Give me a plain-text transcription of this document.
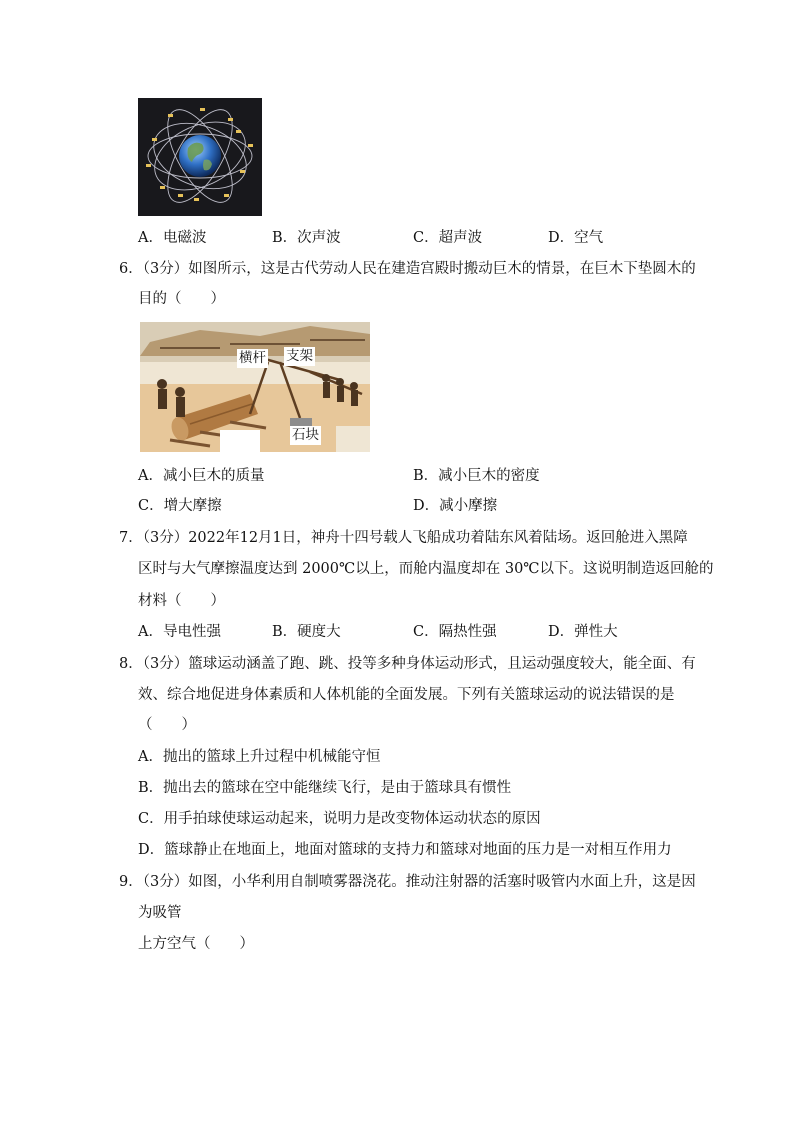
A．电磁波	B．次声波	C．超声波	D．空气
6．（3分）如图所示，这是古代劳动人民在建造宫殿时搬动巨木的情景，在巨木下垫圆木的
目的（　　）
横杆 支架
石块
A．减小巨木的质量	B．减小巨木的密度
C．增大摩擦	D．减小摩擦
7．（3分）2022年12月1日，神舟十四号载人飞船成功着陆东风着陆场。返回舱进入黑障
区时与大气摩擦温度达到 2000℃以上，而舱内温度却在 30℃以下。这说明制造返回舱的
材料（　　）
A．导电性强	B．硬度大	C．隔热性强	D．弹性大
8．（3分）篮球运动涵盖了跑、跳、投等多种身体运动形式，且运动强度较大，能全面、有
效、综合地促进身体素质和人体机能的全面发展。下列有关篮球运动的说法错误的是
（　　）
A．抛出的篮球上升过程中机械能守恒
B．抛出去的篮球在空中能继续飞行，是由于篮球具有惯性
C．用手拍球使球运动起来，说明力是改变物体运动状态的原因
D．篮球静止在地面上，地面对篮球的支持力和篮球对地面的压力是一对相互作用力
9．（3分）如图，小华利用自制喷雾器浇花。推动注射器的活塞时吸管内水面上升，这是因
为吸管
上方空气（　　）
